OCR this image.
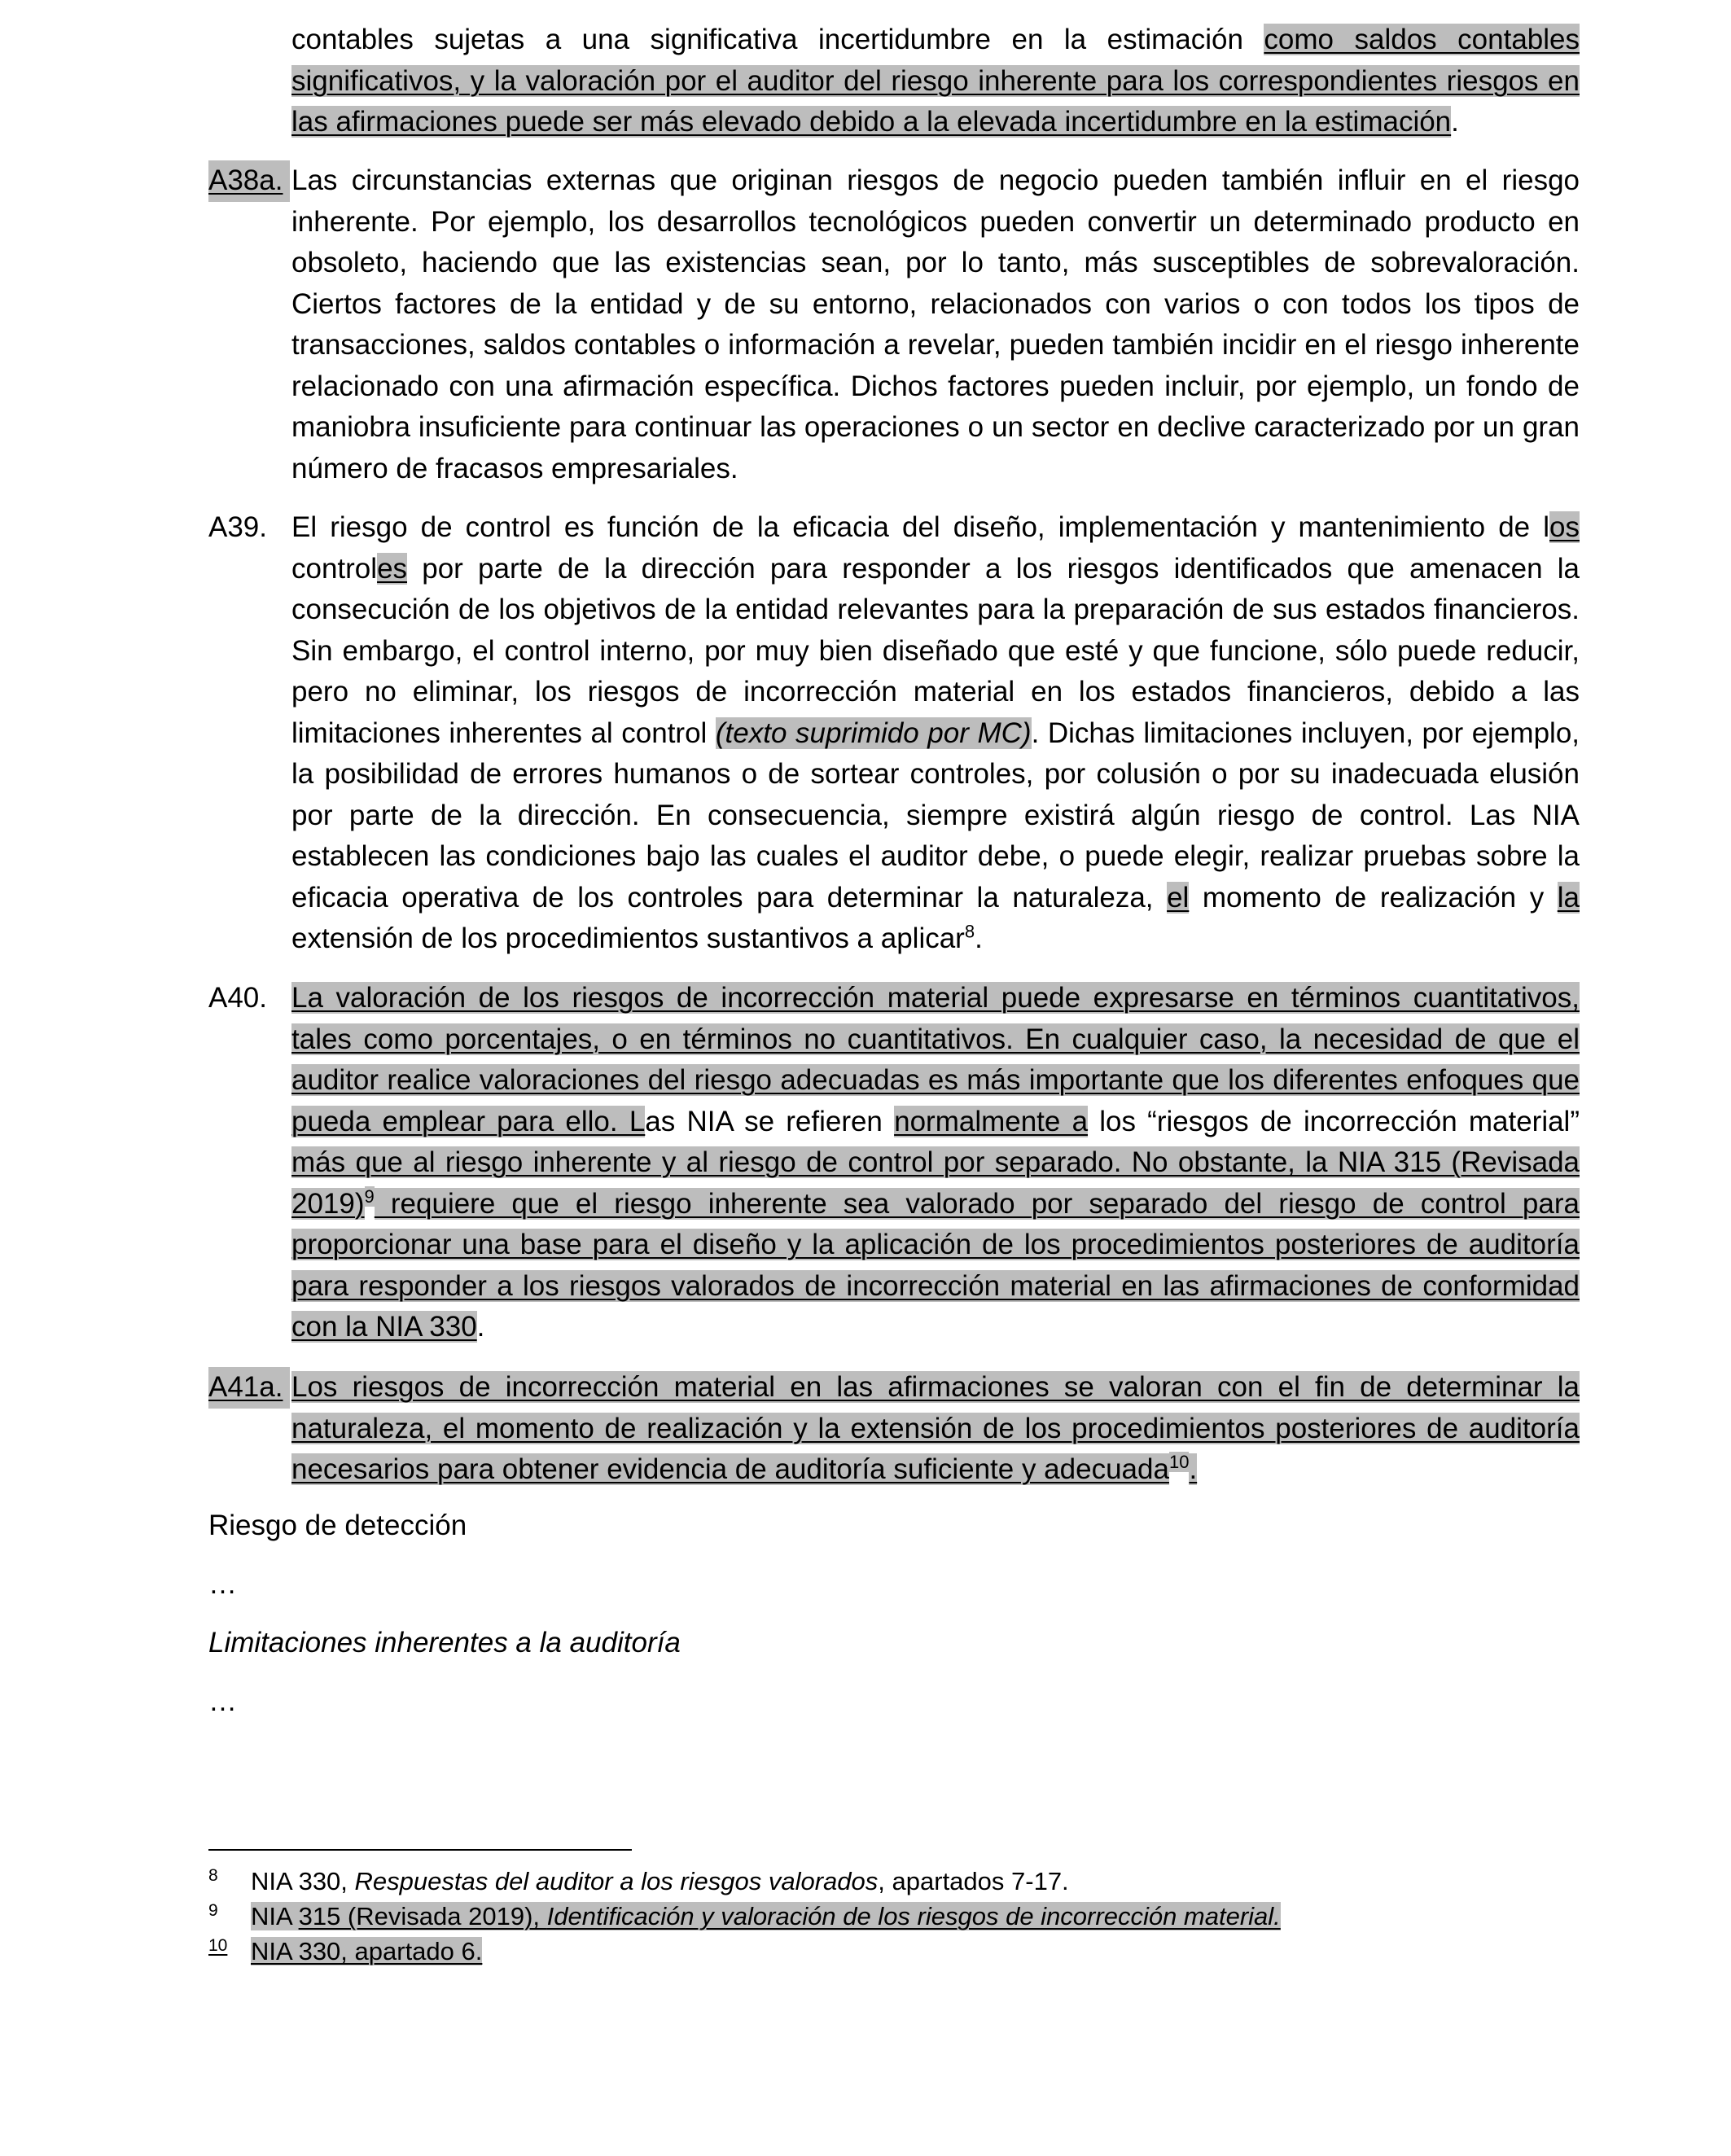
contables sujetas a una significativa incertidumbre en la estimación como saldos contables significativos, y la valoración por el auditor del riesgo inherente para los correspondientes riesgos en las afirmaciones puede ser más elevado debido a la elevada incertidumbre en la estimación.
A38a. Las circunstancias externas que originan riesgos de negocio pueden también influir en el riesgo inherente. Por ejemplo, los desarrollos tecnológicos pueden convertir un determinado producto en obsoleto, haciendo que las existencias sean, por lo tanto, más susceptibles de sobrevaloración. Ciertos factores de la entidad y de su entorno, relacionados con varios o con todos los tipos de transacciones, saldos contables o información a revelar, pueden también incidir en el riesgo inherente relacionado con una afirmación específica. Dichos factores pueden incluir, por ejemplo, un fondo de maniobra insuficiente para continuar las operaciones o un sector en declive caracterizado por un gran número de fracasos empresariales.
A39. El riesgo de control es función de la eficacia del diseño, implementación y mantenimiento de los controles por parte de la dirección para responder a los riesgos identificados que amenacen la consecución de los objetivos de la entidad relevantes para la preparación de sus estados financieros. Sin embargo, el control interno, por muy bien diseñado que esté y que funcione, sólo puede reducir, pero no eliminar, los riesgos de incorrección material en los estados financieros, debido a las limitaciones inherentes al control (texto suprimido por MC). Dichas limitaciones incluyen, por ejemplo, la posibilidad de errores humanos o de sortear controles, por colusión o por su inadecuada elusión por parte de la dirección. En consecuencia, siempre existirá algún riesgo de control. Las NIA establecen las condiciones bajo las cuales el auditor debe, o puede elegir, realizar pruebas sobre la eficacia operativa de los controles para determinar la naturaleza, el momento de realización y la extensión de los procedimientos sustantivos a aplicar$^8$.
A40. La valoración de los riesgos de incorrección material puede expresarse en términos cuantitativos, tales como porcentajes, o en términos no cuantitativos. En cualquier caso, la necesidad de que el auditor realice valoraciones del riesgo adecuadas es más importante que los diferentes enfoques que pueda emplear para ello. Las NIA se refieren normalmente a los “riesgos de incorrección material” más que al riesgo inherente y al riesgo de control por separado. No obstante, la NIA 315 (Revisada 2019)$^9$ requiere que el riesgo inherente sea valorado por separado del riesgo de control para proporcionar una base para el diseño y la aplicación de los procedimientos posteriores de auditoría para responder a los riesgos valorados de incorrección material en las afirmaciones de conformidad con la NIA 330.
A41a. Los riesgos de incorrección material en las afirmaciones se valoran con el fin de determinar la naturaleza, el momento de realización y la extensión de los procedimientos posteriores de auditoría necesarios para obtener evidencia de auditoría suficiente y adecuada$^{10}$.
Riesgo de detección
…
Limitaciones inherentes a la auditoría
…
8 NIA 330, Respuestas del auditor a los riesgos valorados, apartados 7-17.
9 NIA 315 (Revisada 2019), Identificación y valoración de los riesgos de incorrección material.
10 NIA 330, apartado 6.
